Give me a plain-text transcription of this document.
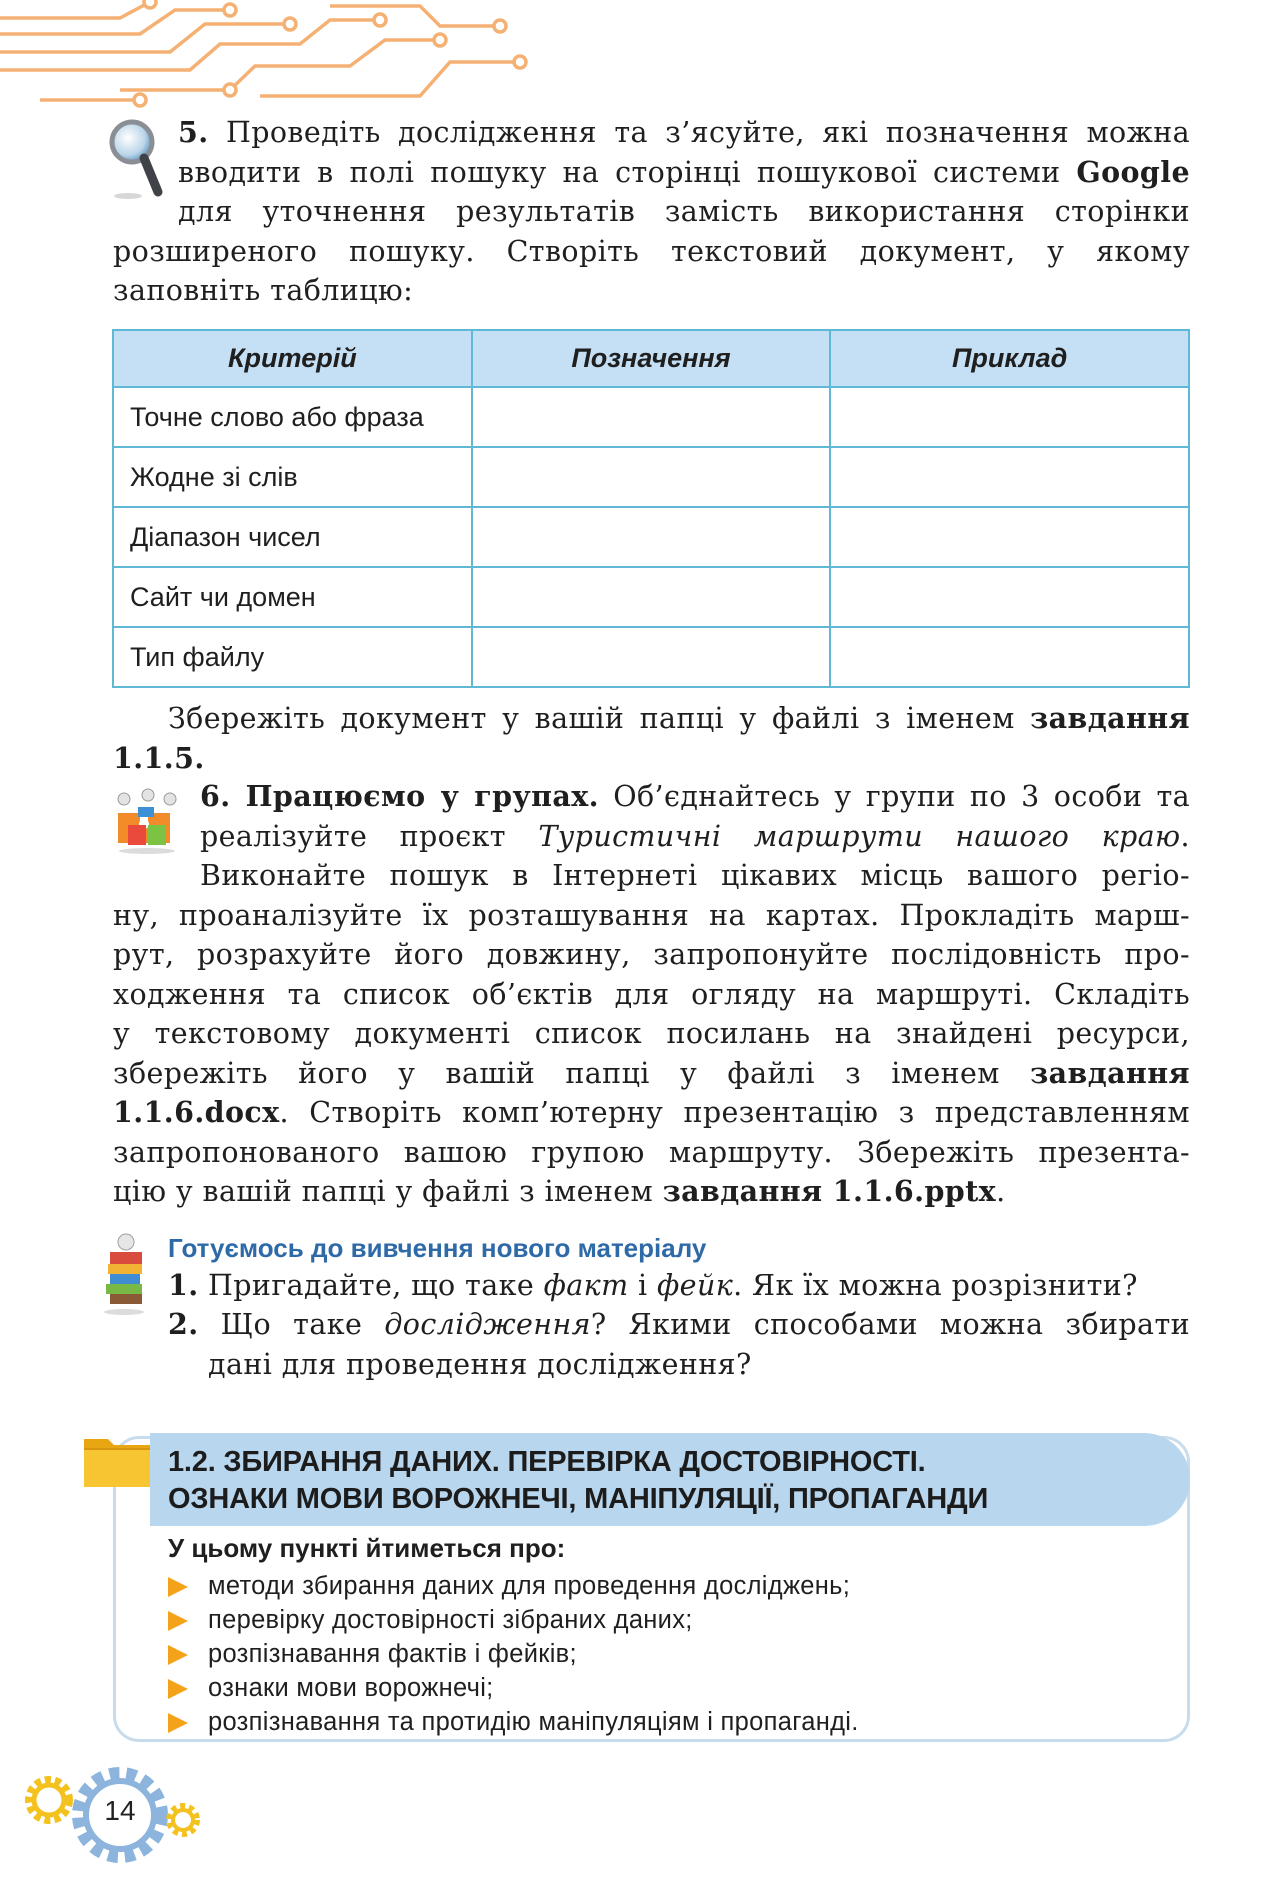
5. Проведіть дослідження та з’ясуйте, які позначення можна
вводити в полі пошуку на сторінці пошукової системи Google
для уточнення результатів замість використання сторінки
розширеного пошуку. Створіть текстовий документ, у якому
заповніть таблицю:
Критерій	Позначення	Приклад
Точне слово або фраза		
Жодне зі слів		
Діапазон чисел		
Сайт чи домен		
Тип файлу		
Збережіть документ у вашій папці у файлі з іменем завдання
1.1.5.
6. Працюємо у групах. Об’єднайтесь у групи по 3 особи та
реалізуйте проєкт Туристичні маршрути нашого краю.
Виконайте пошук в Інтернеті цікавих місць вашого регіо-
ну, проаналізуйте їх розташування на картах. Прокладіть марш-
рут, розрахуйте його довжину, запропонуйте послідовність про-
ходження та список об’єктів для огляду на маршруті. Складіть
у текстовому документі список посилань на знайдені ресурси,
збережіть його у вашій папці у файлі з іменем завдання
1.1.6.docx. Створіть комп’ютерну презентацію з представленням
запропонованого вашою групою маршруту. Збережіть презента-
цію у вашій папці у файлі з іменем завдання 1.1.6.pptx.
Готуємось до вивчення нового матеріалу
1. Пригадайте, що таке факт і фейк. Як їх можна розрізнити?
2. Що таке дослідження? Якими способами можна збирати
дані для проведення дослідження?
1.2. ЗБИРАННЯ ДАНИХ. ПЕРЕВІРКА ДОСТОВІРНОСТІ.
ОЗНАКИ МОВИ ВОРОЖНЕЧІ, МАНІПУЛЯЦІЇ, ПРОПАГАНДИ
У цьому пункті йтиметься про:
методи збирання даних для проведення досліджень;
перевірку достовірності зібраних даних;
розпізнавання фактів і фейків;
ознаки мови ворожнечі;
розпізнавання та протидію маніпуляціям і пропаганді.
14
